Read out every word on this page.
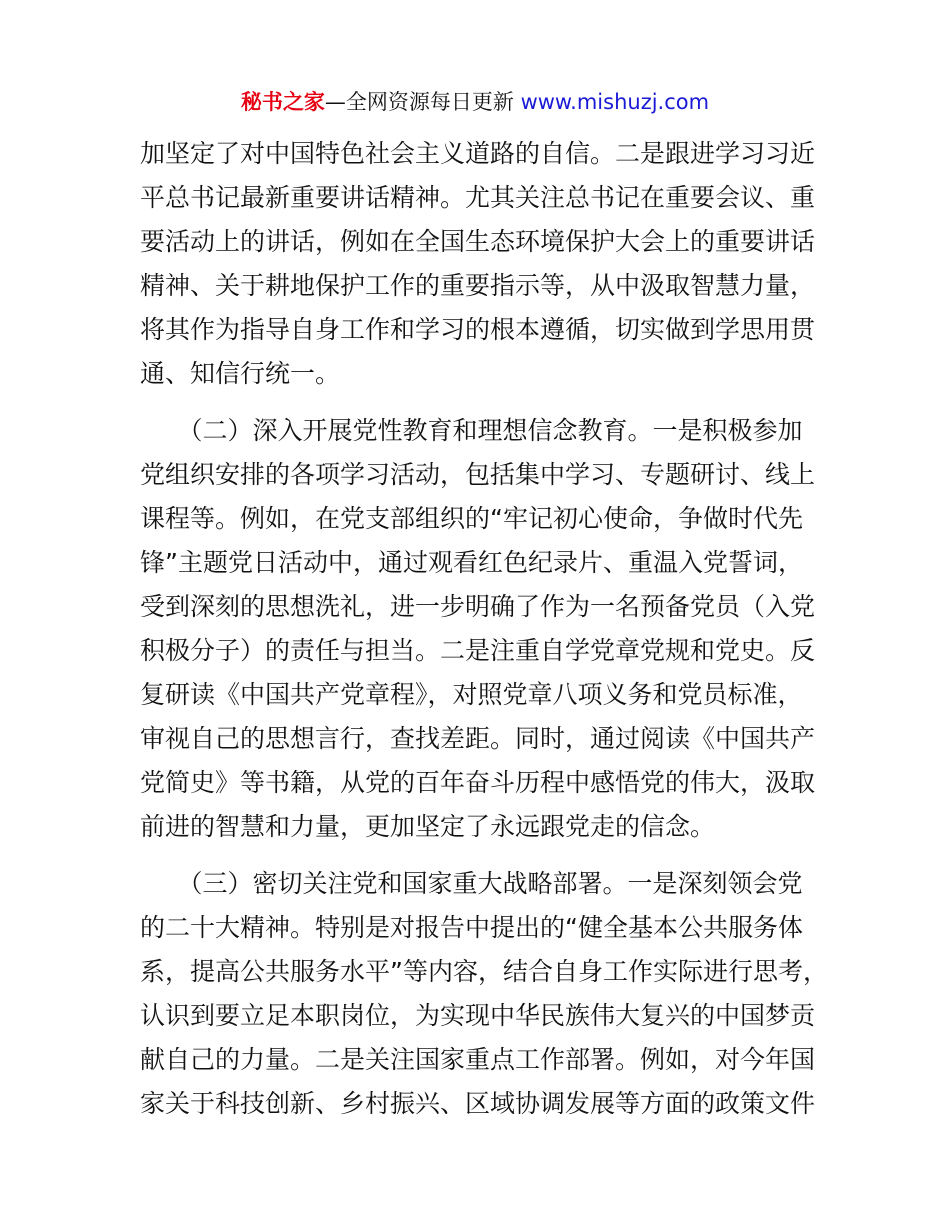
秘书之家—全网资源每日更新 www.mishuzj.com
加坚定了对中国特色社会主义道路的自信。二是跟进学习习近
平总书记最新重要讲话精神。尤其关注总书记在重要会议、重
要活动上的讲话，例如在全国生态环境保护大会上的重要讲话
精神、关于耕地保护工作的重要指示等，从中汲取智慧力量，
将其作为指导自身工作和学习的根本遵循，切实做到学思用贯
通、知信行统一。
　　（二）深入开展党性教育和理想信念教育。一是积极参加
党组织安排的各项学习活动，包括集中学习、专题研讨、线上
课程等。例如，在党支部组织的“牢记初心使命，争做时代先
锋”主题党日活动中，通过观看红色纪录片、重温入党誓词，
受到深刻的思想洗礼，进一步明确了作为一名预备党员（入党
积极分子）的责任与担当。二是注重自学党章党规和党史。反
复研读《中国共产党章程》，对照党章八项义务和党员标准，
审视自己的思想言行，查找差距。同时，通过阅读《中国共产
党简史》等书籍，从党的百年奋斗历程中感悟党的伟大，汲取
前进的智慧和力量，更加坚定了永远跟党走的信念。
　　（三）密切关注党和国家重大战略部署。一是深刻领会党
的二十大精神。特别是对报告中提出的“健全基本公共服务体
系，提高公共服务水平”等内容，结合自身工作实际进行思考，
认识到要立足本职岗位，为实现中华民族伟大复兴的中国梦贡
献自己的力量。二是关注国家重点工作部署。例如，对今年国
家关于科技创新、乡村振兴、区域协调发展等方面的政策文件
